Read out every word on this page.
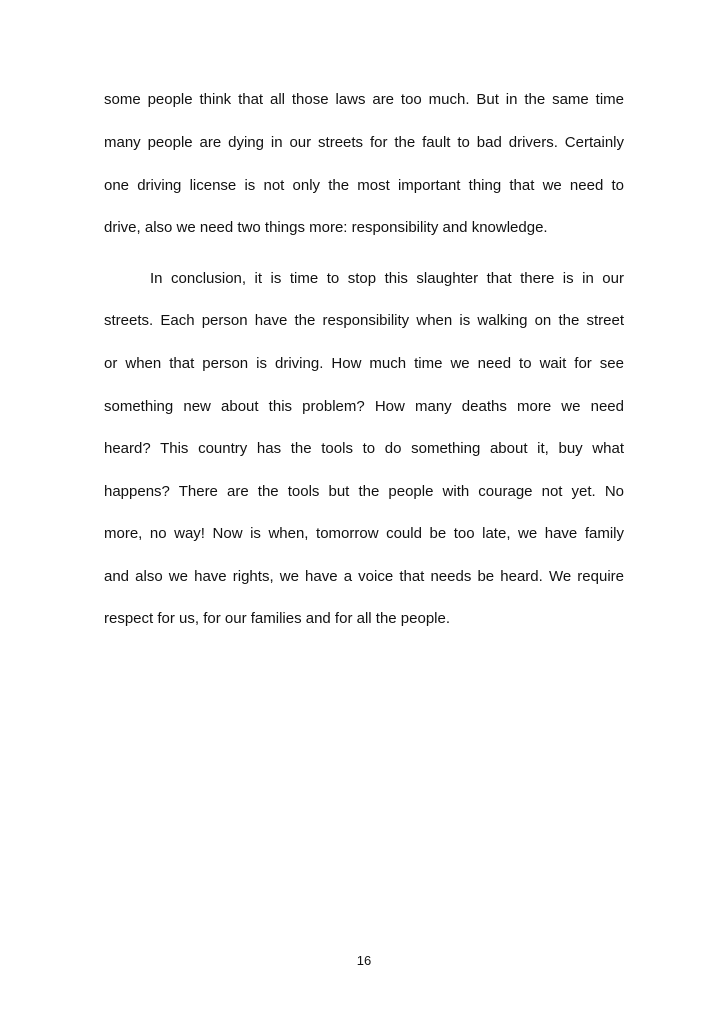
some people think that all those laws are too much. But in the same time
many people are dying in our streets for the fault to bad drivers. Certainly
one driving license is not only the most important thing that we need to
drive, also we need two things more: responsibility and knowledge.
In conclusion, it is time to stop this slaughter that there is in our
streets. Each person have the responsibility when is walking on the street
or when that person is driving. How much time we need to wait for see
something new about this problem? How many deaths more we need
heard? This country has the tools to do something about it, buy what
happens? There are the tools but the people with courage not yet. No
more, no way! Now is when, tomorrow could be too late, we have family
and also we have rights, we have a voice that needs be heard. We require
respect for us, for our families and for all the people.
16
